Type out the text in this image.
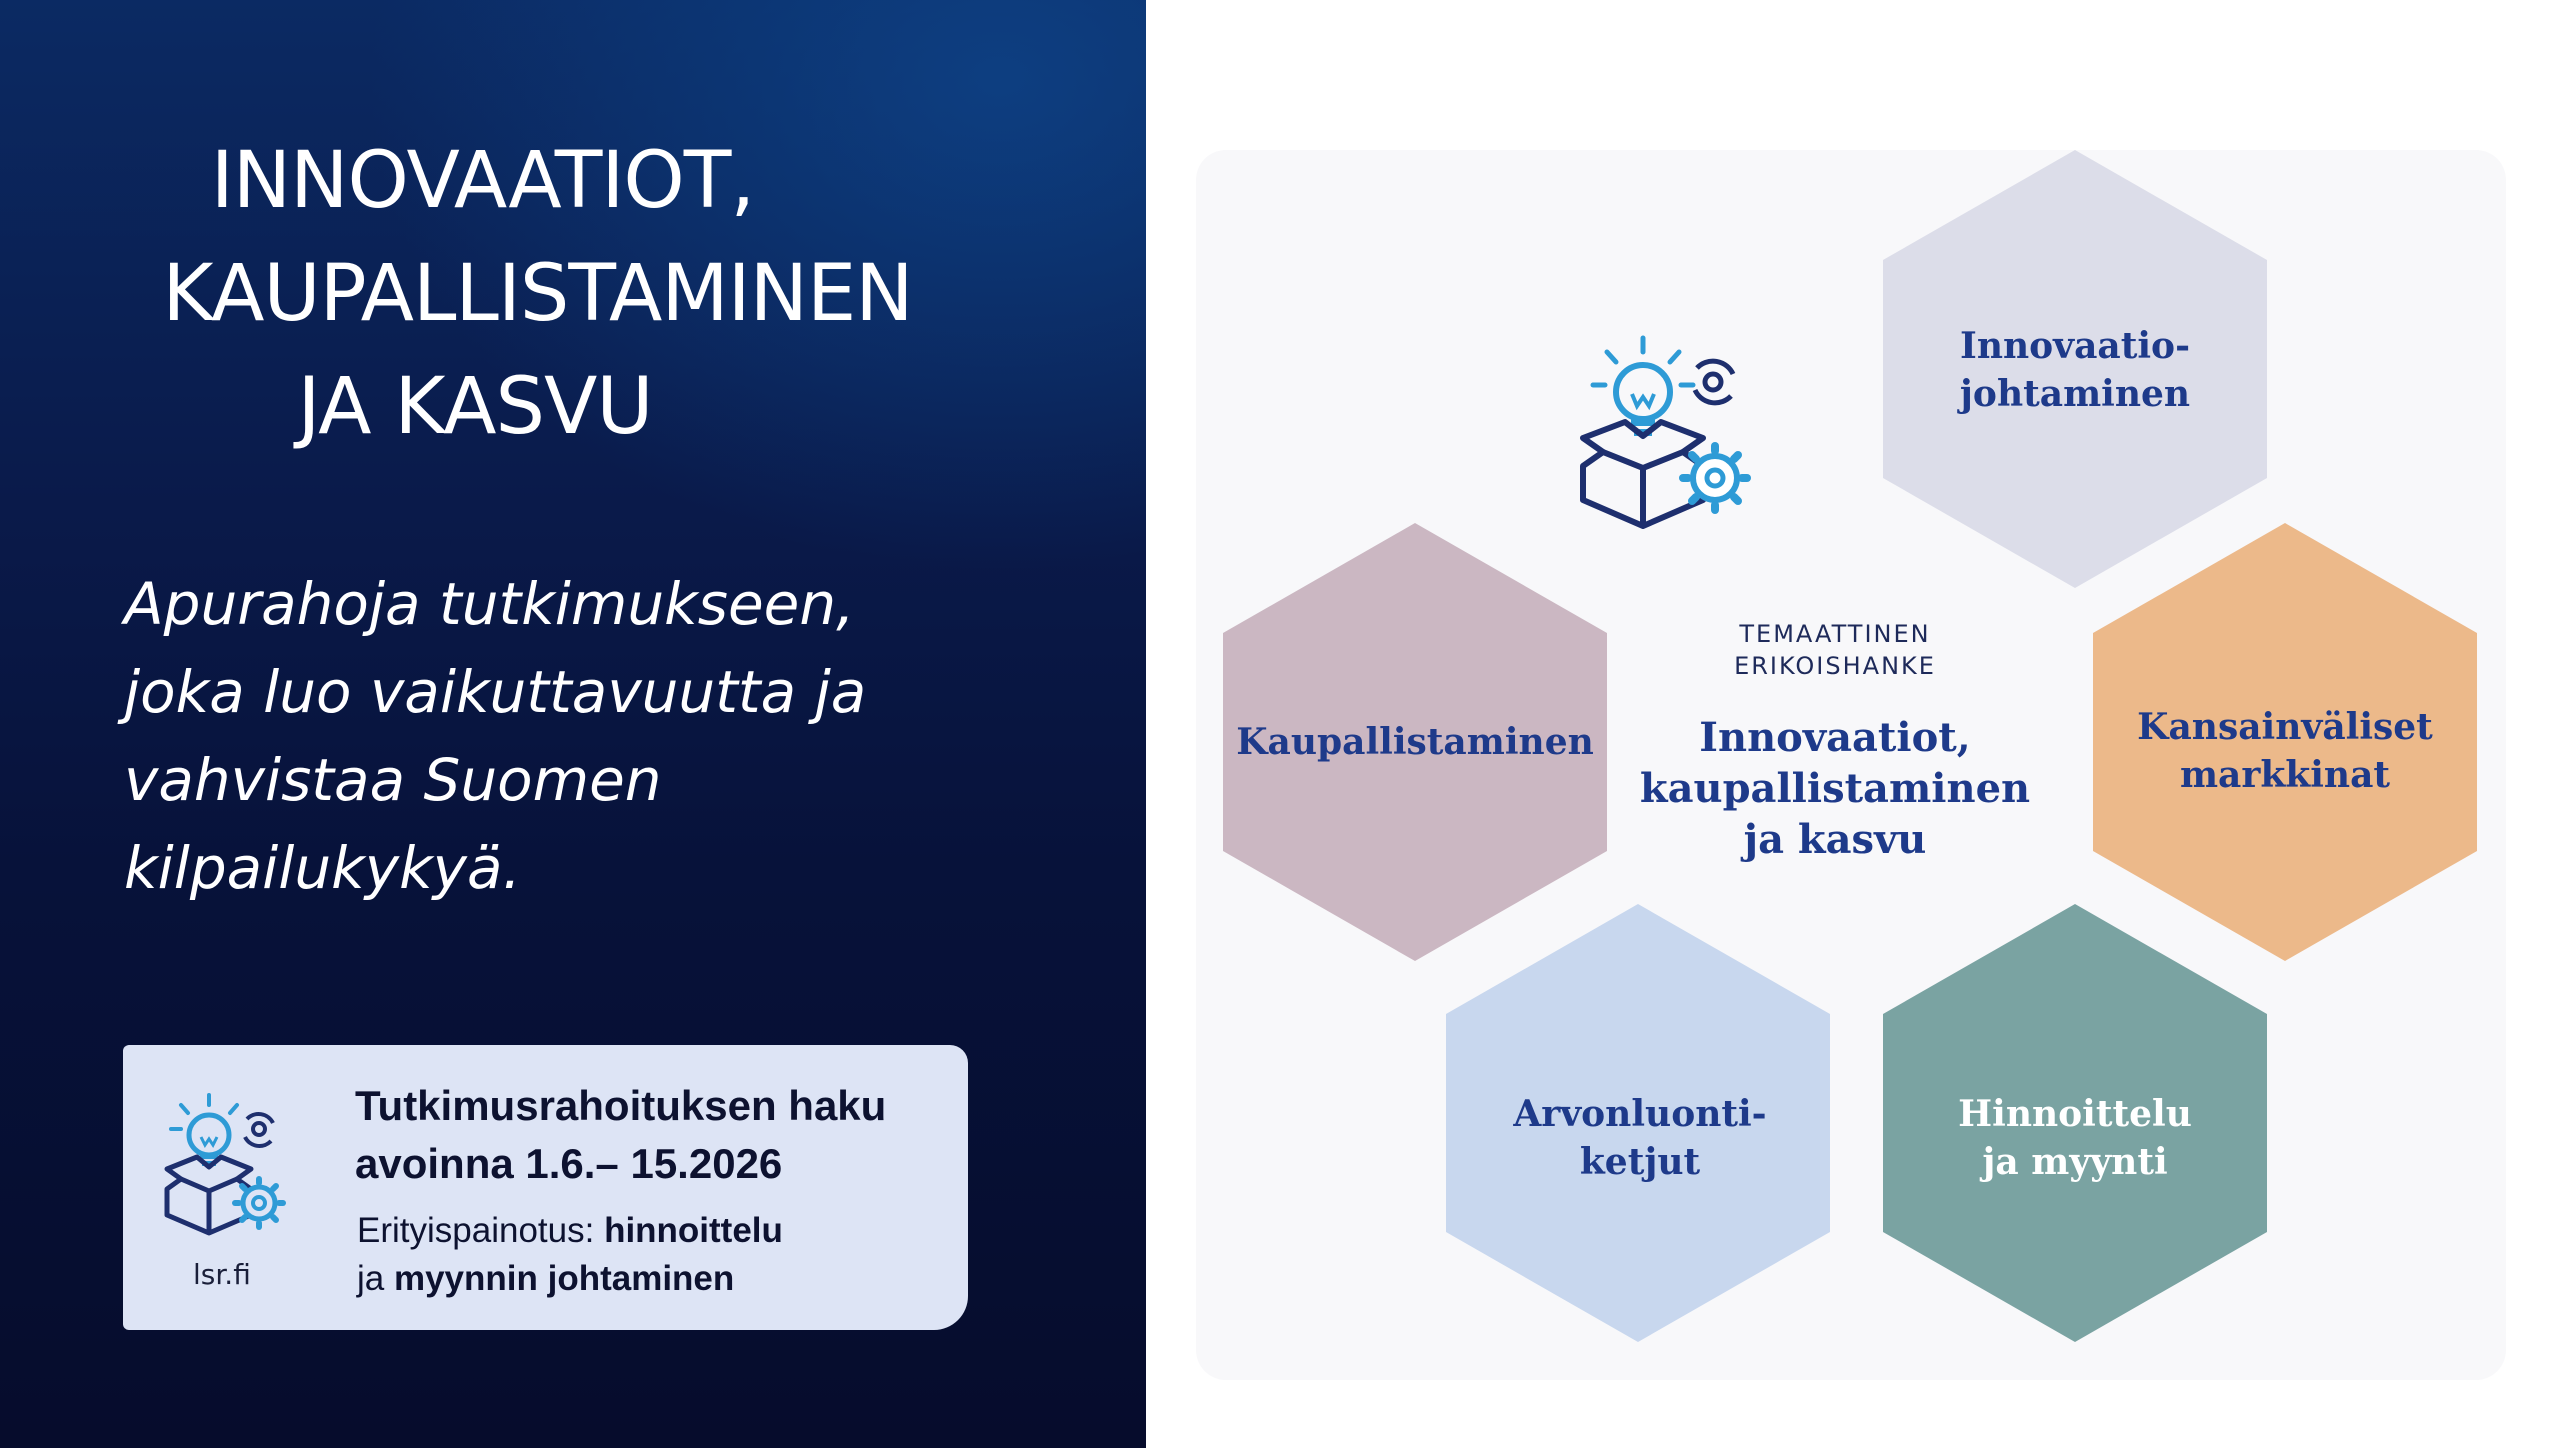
INNOVAATIOT,
KAUPALLISTAMINEN
JA KASVU
Apurahoja tutkimukseen,
joka luo vaikuttavuutta ja
vahvistaa Suomen
kilpailukykyä.
lsr.fi
Tutkimusrahoituksen haku
avoinna 1.6.– 15.2026
Erityispainotus: hinnoittelu
ja myynnin johtaminen
Innovaatio-
johtaminen
Kaupallistaminen	Kansainväliset
markkinat
Arvonluonti-
ketjut
Hinnoittelu
ja myynti
TEMAATTINEN
ERIKOISHANKE
Innovaatiot,
kaupallistaminen
ja kasvu
